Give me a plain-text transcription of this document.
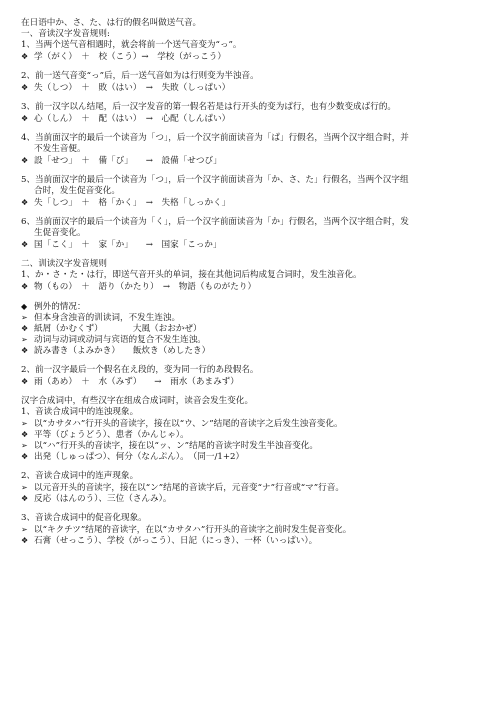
在日语中か、さ、た、は行的假名叫做送气音。
一、音读汉字发音规则:
1、当两个送气音相遇时，就会将前一个送气音变为“っ”。
❖ 学（がく）　＋　校（こう）→　学校（がっこう）
2、前一送气音变“っ”后，后一送气音如为は行则变为半浊音。
❖ 失（しつ）　＋　敗（はい）　→　失敗（しっぱい）
3、前一汉字以ん结尾，后一汉字发音的第一假名若是は行开头的变为ぱ行，也有少数变成ば行的。
❖ 心（しん）　＋　配（はい）　→　心配（しんぱい）
4、当前面汉字的最后一个读音为「つ」，后一个汉字前面读音为「ぱ」行假名，当两个汉字组合时，并
不发生音便。
❖ 設「せつ」　＋　備「び」　　→　設備「せつび」
5、当前面汉字的最后一个读音为「つ」，后一个汉字前面读音为「か、さ、た」行假名，当两个汉字组
合时，发生促音变化。
❖ 失「しつ」　＋　格「かく」　→　失格「しっかく」
6、当前面汉字的最后一个读音为「く」，后一个汉字前面读音为「か」行假名，当两个汉字组合时，发
生促音变化。
❖ 国「こく」　＋　家「か」　　→　国家「こっか」
二、训读汉字发音规则
1、か・さ・た・は行，即送气音开头的单词，接在其他词后构成复合词时，发生浊音化。
❖ 物（もの）　＋　語り（かたり）　→　物語（ものがたり）
◆ 例外的情况：
➢ 但本身含浊音的训读词，不发生连浊。
❖ 紙屑（かむくず）　　　　大風（おおかぜ）
➢ 动词与动词或动词与宾语的复合不发生连浊。
❖ 読み書き（よみかき）　　飯炊き（めしたき）
2、前一汉字最后一个假名在え段的，变为同一行的あ段假名。
❖ 雨（あめ）　＋　水（みず）　　→　雨水（あまみず）
汉字合成词中，有些汉字在组成合成词时，读音会发生变化。
1、音读合成词中的连浊现象。
➢ 以“カサタハ”行开头的音读字，接在以“ウ、ン”结尾的音读字之后发生浊音变化。
❖ 平等（びょうどう）、患者（かんじゃ）。
➢ 以“ハ”行开头的音读字，接在以“ッ、ン”结尾的音读字时发生半浊音变化。
❖ 出発（しゅっぱつ）、何分（なんぷん）。　（同一/1+2）
2、音读合成词中的连声现象。
➢ 以元音开头的音读字，接在以“ン”结尾的音读字后，元音变“ナ”行音或“マ”行音。
❖ 反応（はんのう）、三位（さんみ）。
3、音读合成词中的促音化现象。
➢ 以“キクチツ”结尾的音读字，在以“カサタハ”行开头的音读字之前时发生促音变化。
❖ 石膏（せっこう）、学校（がっこう）、日記（にっき）、一杯（いっぱい）。
